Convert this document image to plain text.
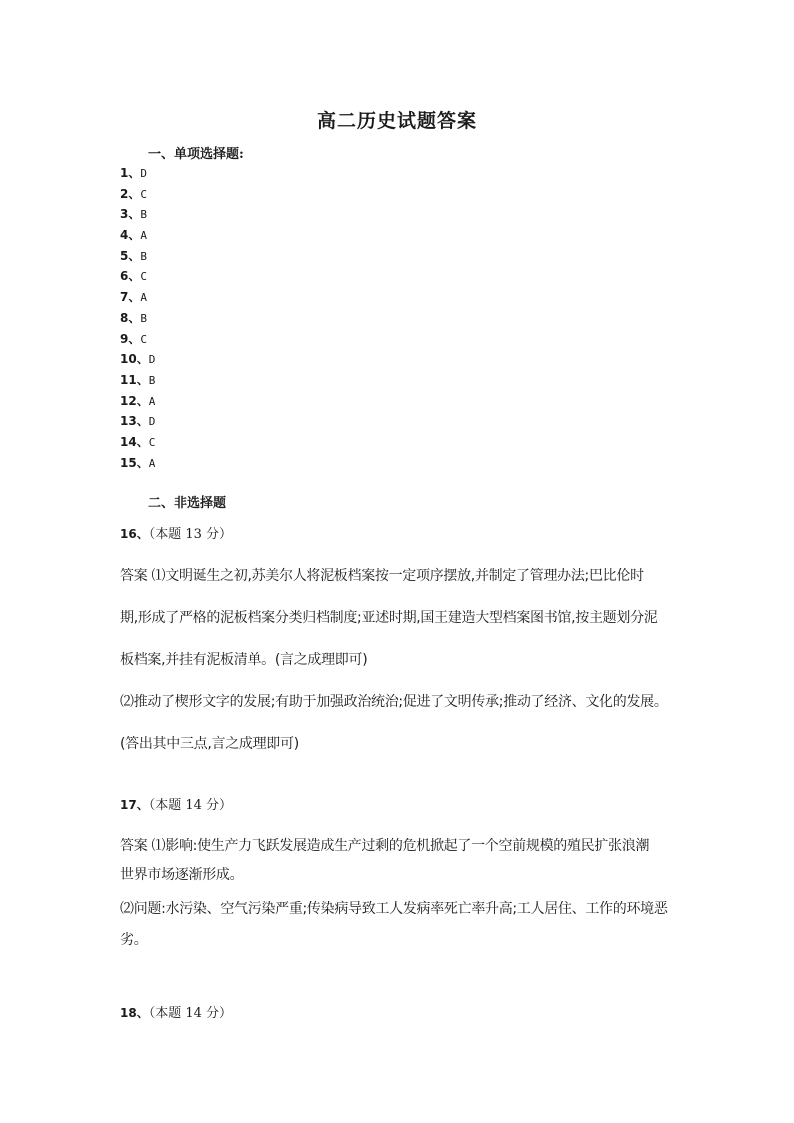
高二历史试题答案
一、单项选择题:
1、D
2、C
3、B
4、A
5、B
6、C
7、A
8、B
9、C
10、D
11、B
12、A
13、D
14、C
15、A
二、非选择题
16、（本题 13 分）
答案 ⑴文明诞生之初,苏美尔人将泥板档案按一定项序摆放,并制定了管理办法;巴比伦时
期,形成了严格的泥板档案分类归档制度;亚述时期,国王建造大型档案图书馆,按主题划分泥
板档案,并挂有泥板清单。(言之成理即可)
⑵推动了楔形文字的发展;有助于加强政治统治;促进了文明传承;推动了经济、文化的发展。
(答出其中三点,言之成理即可)
17、（本题 14 分）
答案 ⑴影响:使生产力飞跃发展造成生产过剩的危机掀起了一个空前规模的殖民扩张浪潮
世界市场逐渐形成。
⑵问题:水污染、空气污染严重;传染病导致工人发病率死亡率升高;工人居住、工作的环境恶
劣。
18、（本题 14 分）
